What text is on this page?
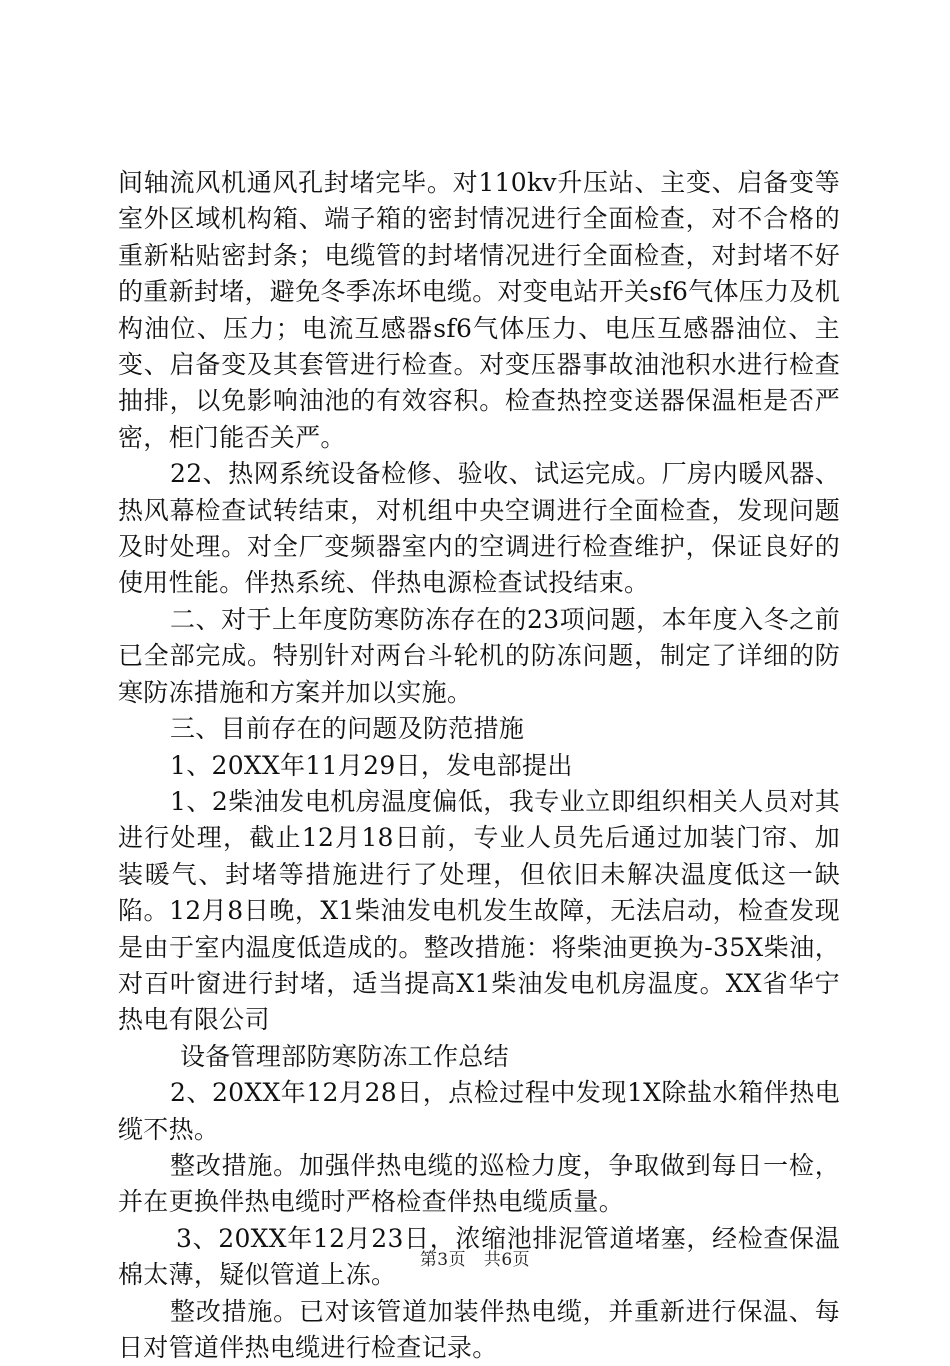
间轴流风机通风孔封堵完毕。对110kv升压站、主变、启备变等室外区域机构箱、端子箱的密封情况进行全面检查，对不合格的重新粘贴密封条；电缆管的封堵情况进行全面检查，对封堵不好的重新封堵，避免冬季冻坏电缆。对变电站开关sf6气体压力及机构油位、压力；电流互感器sf6气体压力、电压互感器油位、主变、启备变及其套管进行检查。对变压器事故油池积水进行检查抽排，以免影响油池的有效容积。检查热控变送器保温柜是否严密，柜门能否关严。

22、热网系统设备检修、验收、试运完成。厂房内暖风器、热风幕检查试转结束，对机组中央空调进行全面检查，发现问题及时处理。对全厂变频器室内的空调进行检查维护，保证良好的使用性能。伴热系统、伴热电源检查试投结束。

二、对于上年度防寒防冻存在的23项问题，本年度入冬之前已全部完成。特别针对两台斗轮机的防冻问题，制定了详细的防寒防冻措施和方案并加以实施。

三、目前存在的问题及防范措施

1、20XX年11月29日，发电部提出

1、2柴油发电机房温度偏低，我专业立即组织相关人员对其进行处理，截止12月18日前，专业人员先后通过加装门帘、加装暖气、封堵等措施进行了处理，但依旧未解决温度低这一缺陷。12月8日晚，X1柴油发电机发生故障，无法启动，检查发现是由于室内温度低造成的。整改措施：将柴油更换为-35X柴油，对百叶窗进行封堵，适当提高X1柴油发电机房温度。XX省华宁热电有限公司

设备管理部防寒防冻工作总结

2、20XX年12月28日，点检过程中发现1X除盐水箱伴热电缆不热。

整改措施。加强伴热电缆的巡检力度，争取做到每日一检，并在更换伴热电缆时严格检查伴热电缆质量。

3、20XX年12月23日，浓缩池排泥管道堵塞，经检查保温棉太薄，疑似管道上冻。

整改措施。已对该管道加装伴热电缆，并重新进行保温、每日对管道伴热电缆进行检查记录。

第3页 共6页
